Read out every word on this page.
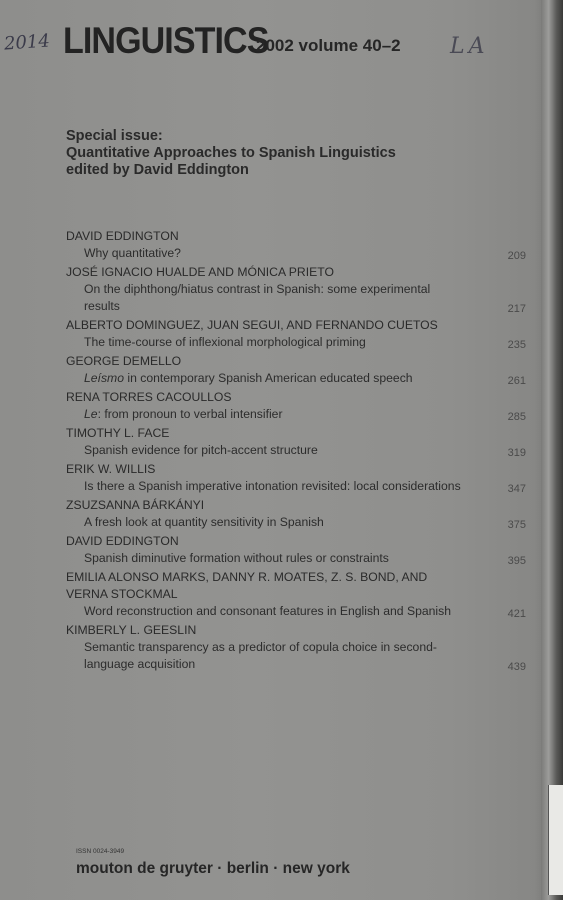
2014	LA
LINGUISTICS
2002 volume 40–2
Special issue:
Quantitative Approaches to Spanish Linguistics
edited by David Eddington
DAVID EDDINGTON
Why quantitative?	209
JOSÉ IGNACIO HUALDE AND MÓNICA PRIETO
On the diphthong/hiatus contrast in Spanish: some experimental results	217
ALBERTO DOMINGUEZ, JUAN SEGUI, AND FERNANDO CUETOS
The time-course of inflexional morphological priming	235
GEORGE DEMELLO
Leísmo in contemporary Spanish American educated speech	261
RENA TORRES CACOULLOS
Le: from pronoun to verbal intensifier	285
TIMOTHY L. FACE
Spanish evidence for pitch-accent structure	319
ERIK W. WILLIS
Is there a Spanish imperative intonation revisited: local considerations	347
ZSUZSANNA BÁRKÁNYI
A fresh look at quantity sensitivity in Spanish	375
DAVID EDDINGTON
Spanish diminutive formation without rules or constraints	395
EMILIA ALONSO MARKS, DANNY R. MOATES, Z. S. BOND, AND
VERNA STOCKMAL
Word reconstruction and consonant features in English and Spanish	421
KIMBERLY L. GEESLIN
Semantic transparency as a predictor of copula choice in second-language acquisition	439
ISSN 0024-3949
mouton de gruyter · berlin · new york
